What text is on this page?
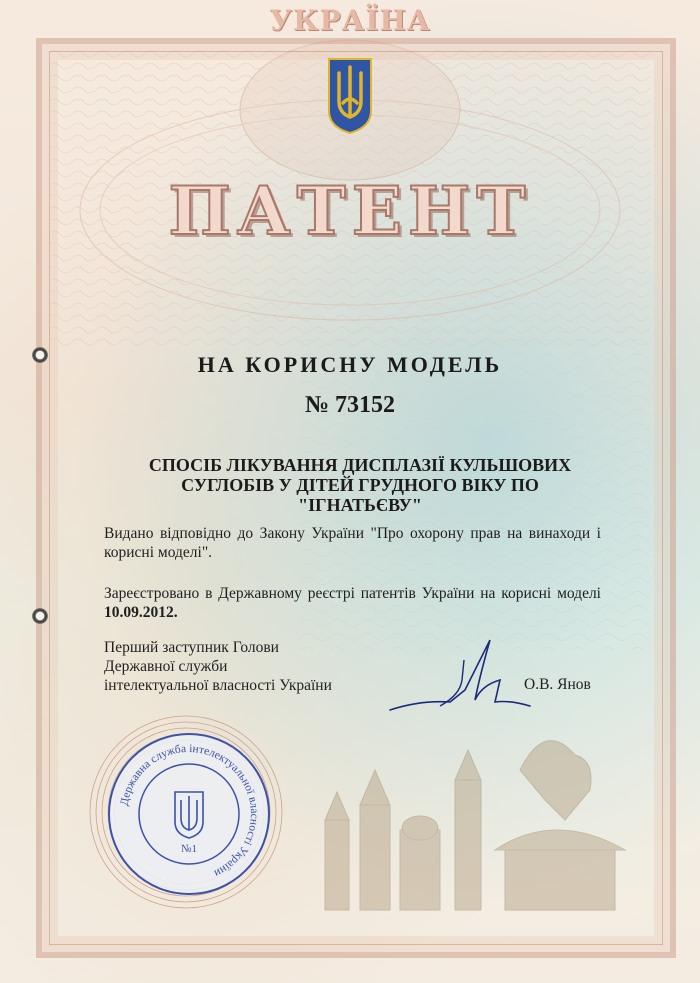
УКРАЇНА
ПАТЕНТ
НА КОРИСНУ МОДЕЛЬ
№ 73152
СПОСІБ ЛІКУВАННЯ ДИСПЛАЗІЇ КУЛЬШОВИХ
СУГЛОБІВ У ДІТЕЙ ГРУДНОГО ВІКУ ПО "ІГНАТЬЄВУ"
Видано відповідно до Закону України "Про охорону прав на винаходи і корисні моделі".
Зареєстровано в Державному реєстрі патентів України на корисні моделі 10.09.2012.
Перший заступник Голови
Державної служби
інтелектуальної власності України	О.В. Янов
Державна служба інтелектуальної власності України
№1
